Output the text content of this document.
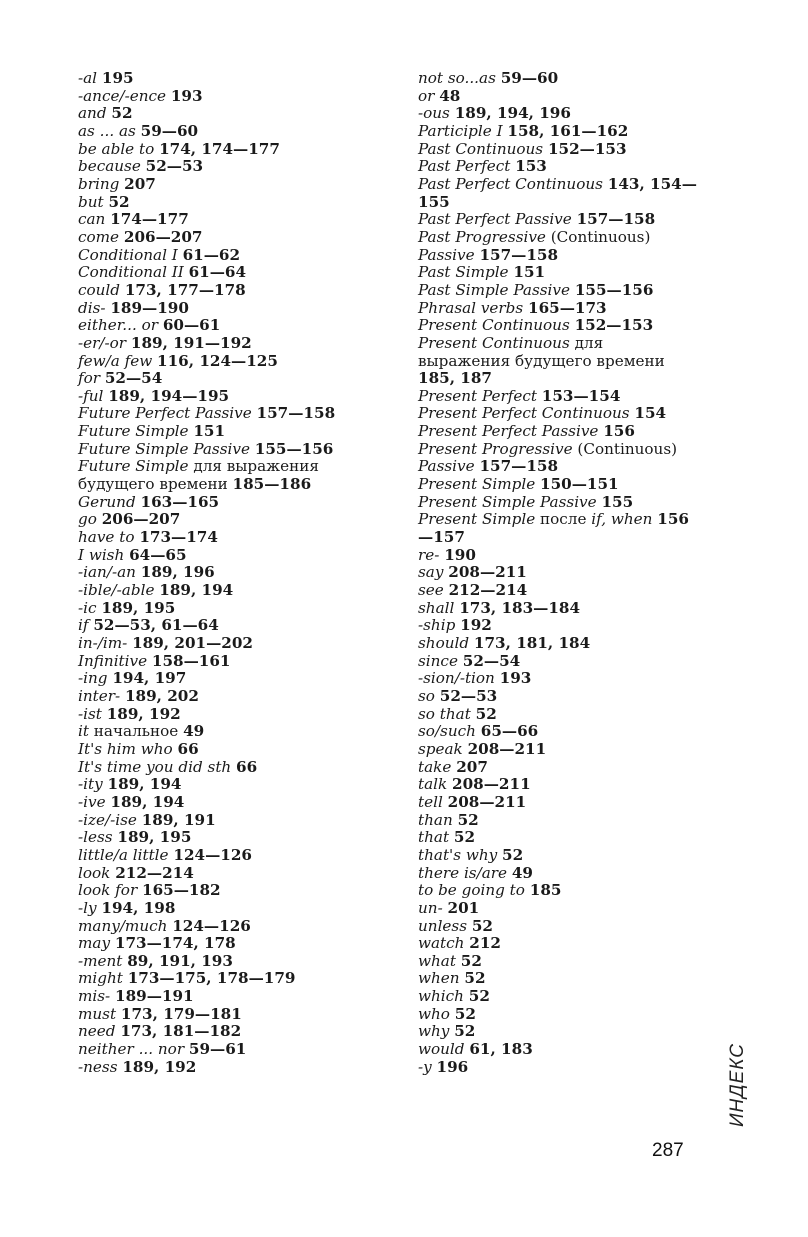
-al 195
-ance/-ence 193
and 52
as ... as 59—60
be able to 174, 174—177
because 52—53
bring 207
but 52
can 174—177
come 206—207
Conditional I 61—62
Conditional II 61—64
could 173, 177—178
dis- 189—190
either... or 60—61
-er/-or 189, 191—192
few/a few 116, 124—125
for 52—54
-ful 189, 194—195
Future Perfect Passive 157—158
Future Simple 151
Future Simple Passive 155—156
Future Simple для выражения будущего времени 185—186
Gerund 163—165
go 206—207
have to 173—174
I wish 64—65
-ian/-an 189, 196
-ible/-able 189, 194
-ic 189, 195
if 52—53, 61—64
in-/im- 189, 201—202
Infinitive 158—161
-ing 194, 197
inter- 189, 202
-ist 189, 192
it начальное 49
It's him who 66
It's time you did sth 66
-ity 189, 194
-ive 189, 194
-ize/-ise 189, 191
-less 189, 195
little/a little 124—126
look 212—214
look for 165—182
-ly 194, 198
many/much 124—126
may 173—174, 178
-ment 89, 191, 193
might 173—175, 178—179
mis- 189—191
must 173, 179—181
need 173, 181—182
neither ... nor 59—61
-ness 189, 192
not so...as 59—60
or 48
-ous 189, 194, 196
Participle I 158, 161—162
Past Continuous 152—153
Past Perfect 153
Past Perfect Continuous 143, 154—155
Past Perfect Passive 157—158
Past Progressive (Continuous)
Passive 157—158
Past Simple 151
Past Simple Passive 155—156
Phrasal verbs 165—173
Present Continuous 152—153
Present Continuous для выражения будущего времени 185, 187
Present Perfect 153—154
Present Perfect Continuous 154
Present Perfect Passive 156
Present Progressive (Continuous)
Passive 157—158
Present Simple 150—151
Present Simple Passive 155
Present Simple после if, when 156—157
re- 190
say 208—211
see 212—214
shall 173, 183—184
-ship 192
should 173, 181, 184
since 52—54
-sion/-tion 193
so 52—53
so that 52
so/such 65—66
speak 208—211
take 207
talk 208—211
tell 208—211
than 52
that 52
that's why 52
there is/are 49
to be going to 185
un- 201
unless 52
watch 212
what 52
when 52
which 52
who 52
why 52
would 61, 183
-y 196	ИНДЕКС
287
